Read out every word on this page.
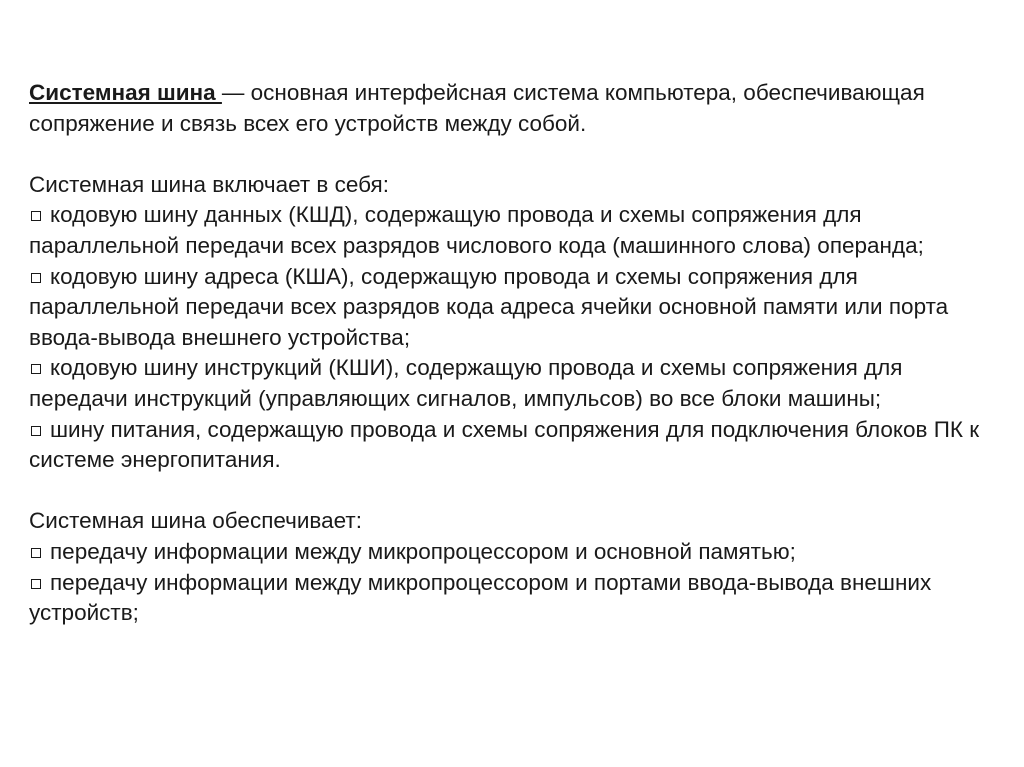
Системная шина — основная интерфейсная система компьютера, обеспечивающая сопряжение и связь всех его устройств между собой.

Системная шина включает в себя:

кодовую шину данных (КШД), содержащую провода и схемы сопряжения для параллельной передачи всех разрядов числового кода (машинного слова) операнда;
кодовую шину адреса (КША), содержащую провода и схемы сопряжения для параллельной передачи всех разрядов кода адреса ячейки основной памяти или порта ввода-вывода внешнего устройства;
кодовую шину инструкций (КШИ), содержащую провода и схемы сопряжения для передачи инструкций (управляющих сигналов, импульсов) во все блоки машины;
шину питания, содержащую провода и схемы сопряжения для подключения блоков ПК к системе энергопитания.

Системная шина обеспечивает:

передачу информации между микропроцессором и основной памятью;
передачу информации между микропроцессором и портами ввода-вывода внешних устройств;
